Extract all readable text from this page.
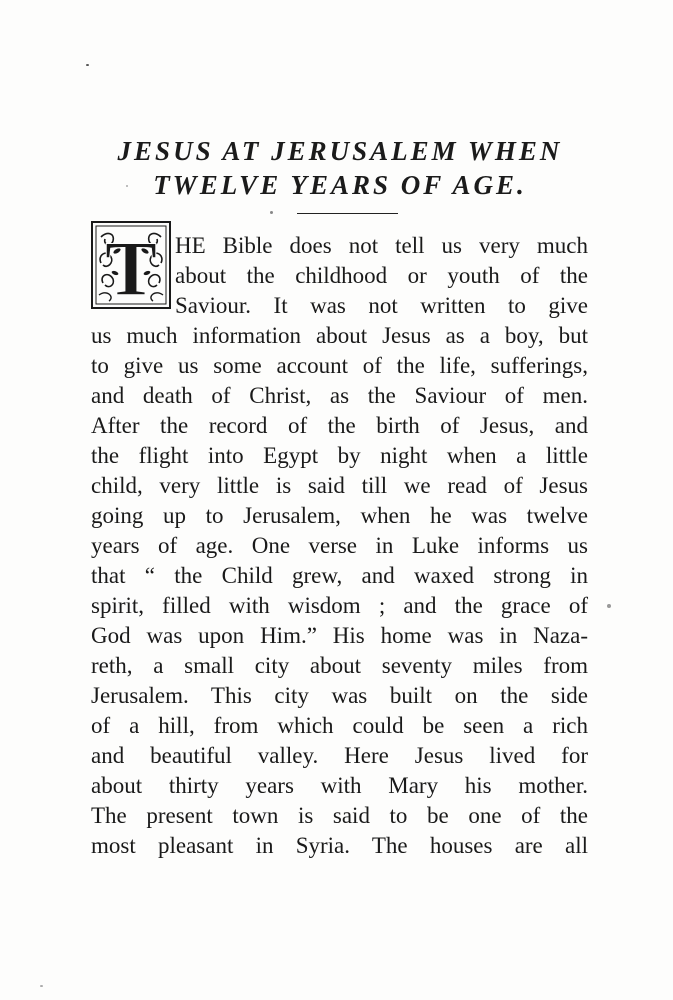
JESUS AT JERUSALEM WHEN
TWELVE YEARS OF AGE.
T HE Bible does not tell us very much
about the childhood or youth of the
Saviour. It was not written to give
us much information about Jesus as a boy, but
to give us some account of the life, sufferings,
and death of Christ, as the Saviour of men.
After the record of the birth of Jesus, and
the flight into Egypt by night when a little
child, very little is said till we read of Jesus
going up to Jerusalem, when he was twelve
years of age. One verse in Luke informs us
that “ the Child grew, and waxed strong in
spirit, filled with wisdom ; and the grace of
God was upon Him.” His home was in Naza-
reth, a small city about seventy miles from
Jerusalem. This city was built on the side
of a hill, from which could be seen a rich
and beautiful valley. Here Jesus lived for
about thirty years with Mary his mother.
The present town is said to be one of the
most pleasant in Syria. The houses are all
